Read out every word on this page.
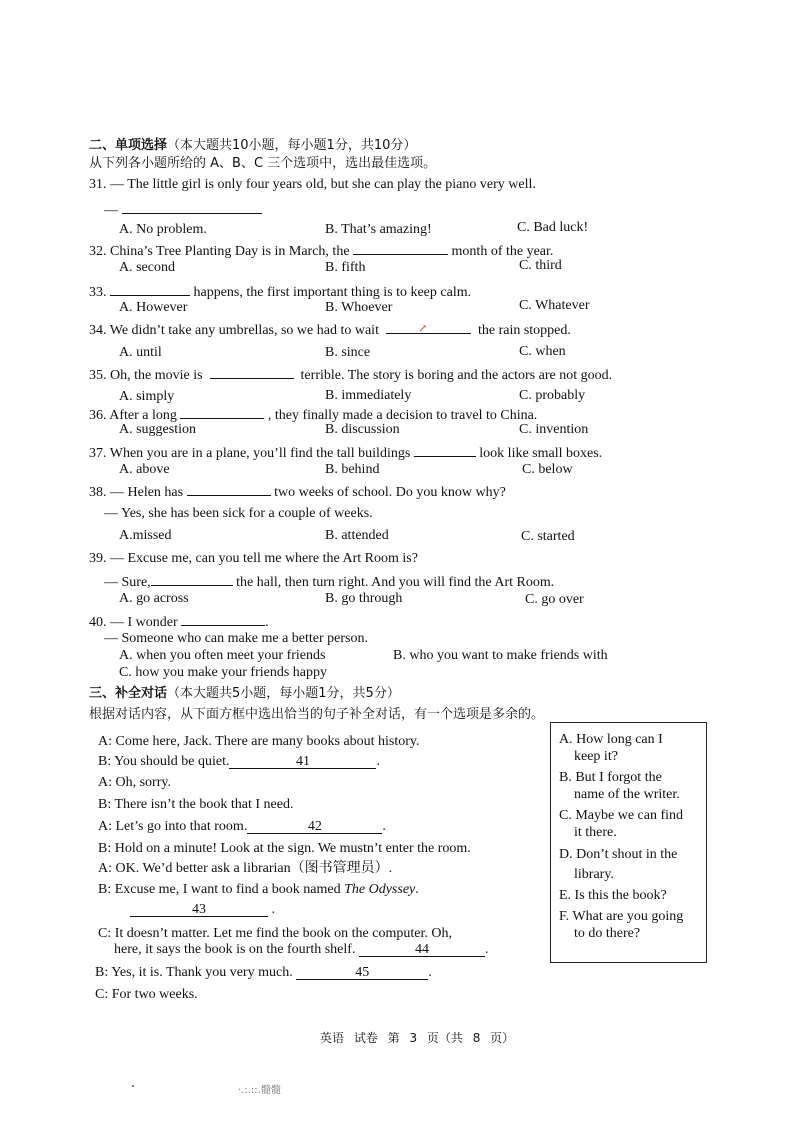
二、单项选择（本大题共10小题，每小题1分，共10分）
从下列各小题所给的 A、B、C 三个选项中，选出最佳选项。
31. — The little girl is only four years old, but she can play the piano very well.
—
A. No problem.	B. That’s amazing!	C. Bad luck!
32. China’s Tree Planting Day is in March, the	month of the year.
A. second	B. fifth	C. third
33.	happens, the first important thing is to keep calm.
A. However	B. Whoever	C. Whatever
34. We didn’t take any umbrellas, so we had to wait	the rain stopped.
↗
A. until	B. since	C. when
35. Oh, the movie is	terrible. The story is boring and the actors are not good.
A. simply	B. immediately	C. probably
36. After a long	, they finally made a decision to travel to China.
A. suggestion	B. discussion	C. invention
37. When you are in a plane, you’ll find the tall buildings	look like small boxes.
A. above	B. behind	C. below
38. — Helen has	two weeks of school. Do you know why?
— Yes, she has been sick for a couple of weeks.
A.missed	B. attended	C. started
39. — Excuse me, can you tell me where the Art Room is?
— Sure,	the hall, then turn right. And you will find the Art Room.
A. go across	B. go through	C. go over
40. — I wonder	.
— Someone who can make me a better person.
A. when you often meet your friends	B. who you want to make friends with
C. how you make your friends happy
三、补全对话（本大题共5小题，每小题1分，共5分）
根据对话内容，从下面方框中选出恰当的句子补全对话，有一个选项是多余的。
A: Come here, Jack. There are many books about history.
B: You should be quiet.	41	.
A: Oh, sorry.
B: There isn’t the book that I need.
A: Let’s go into that room.	42	.
B: Hold on a minute! Look at the sign. We mustn’t enter the room.
A: OK. We’d better ask a librarian（图书管理员）.
B: Excuse me, I want to find a book named The Odyssey.
43	.
C: It doesn’t matter. Let me find the book on the computer. Oh,
here, it says the book is on the fourth shelf.	44	.
B: Yes, it is. Thank you very much.	45	.
C: For two weeks.
A. How long can I
keep it?
B. But I forgot the
name of the writer.
C. Maybe we can find
it there.
D. Don’t shout in the
library.
E. Is this the book?
F. What are you going
to do there?
英语 试卷 第 3 页（共 8 页）
·.:.::.髓髓
